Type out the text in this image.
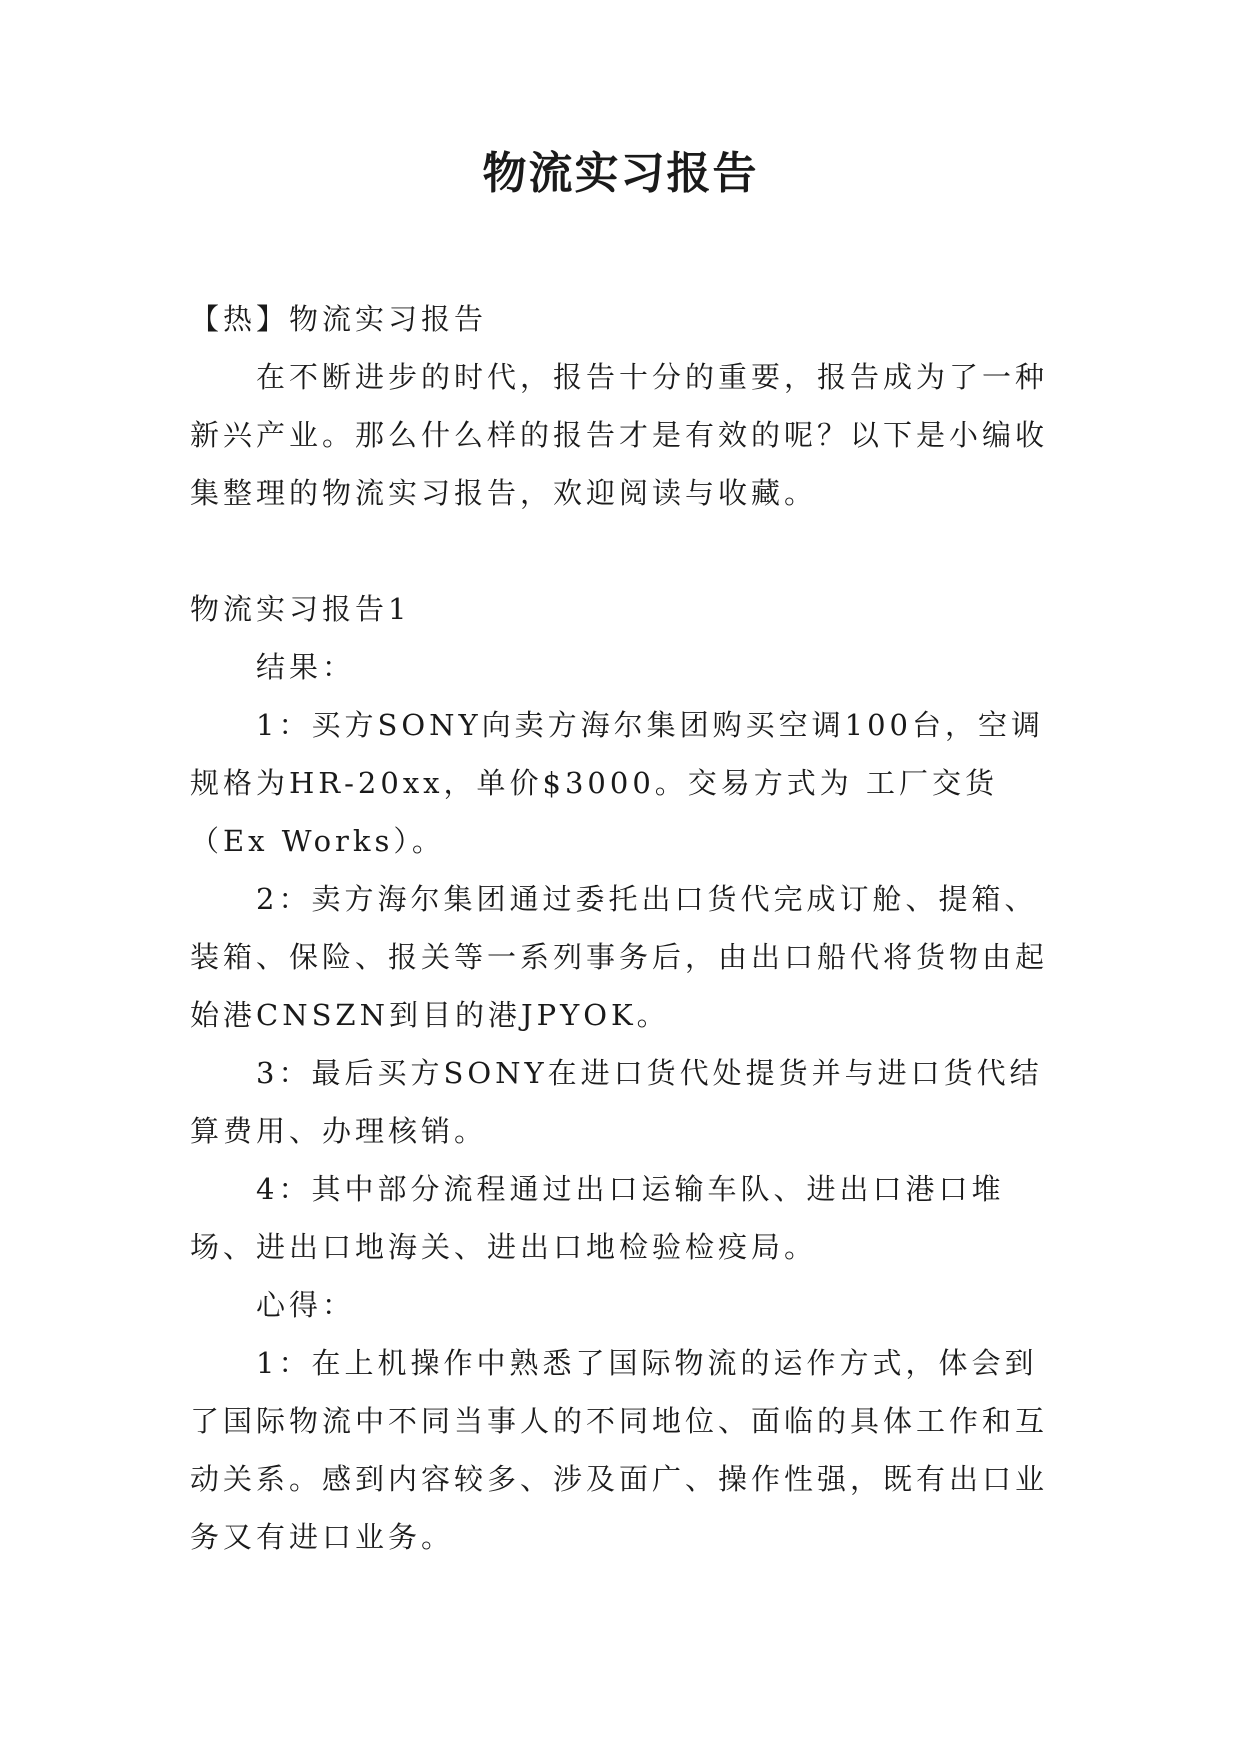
物流实习报告

【热】物流实习报告

在不断进步的时代，报告十分的重要，报告成为了一种新兴产业。那么什么样的报告才是有效的呢？以下是小编收集整理的物流实习报告，欢迎阅读与收藏。

物流实习报告1

结果：

1：买方SONY向卖方海尔集团购买空调100台，空调规格为HR-20xx，单价$3000。交易方式为 工厂交货（Ex Works）。

2：卖方海尔集团通过委托出口货代完成订舱、提箱、装箱、保险、报关等一系列事务后，由出口船代将货物由起始港CNSZN到目的港JPYOK。

3：最后买方SONY在进口货代处提货并与进口货代结算费用、办理核销。

4：其中部分流程通过出口运输车队、进出口港口堆场、进出口地海关、进出口地检验检疫局。

心得：

1：在上机操作中熟悉了国际物流的运作方式，体会到了国际物流中不同当事人的不同地位、面临的具体工作和互动关系。感到内容较多、涉及面广、操作性强，既有出口业务又有进口业务。
